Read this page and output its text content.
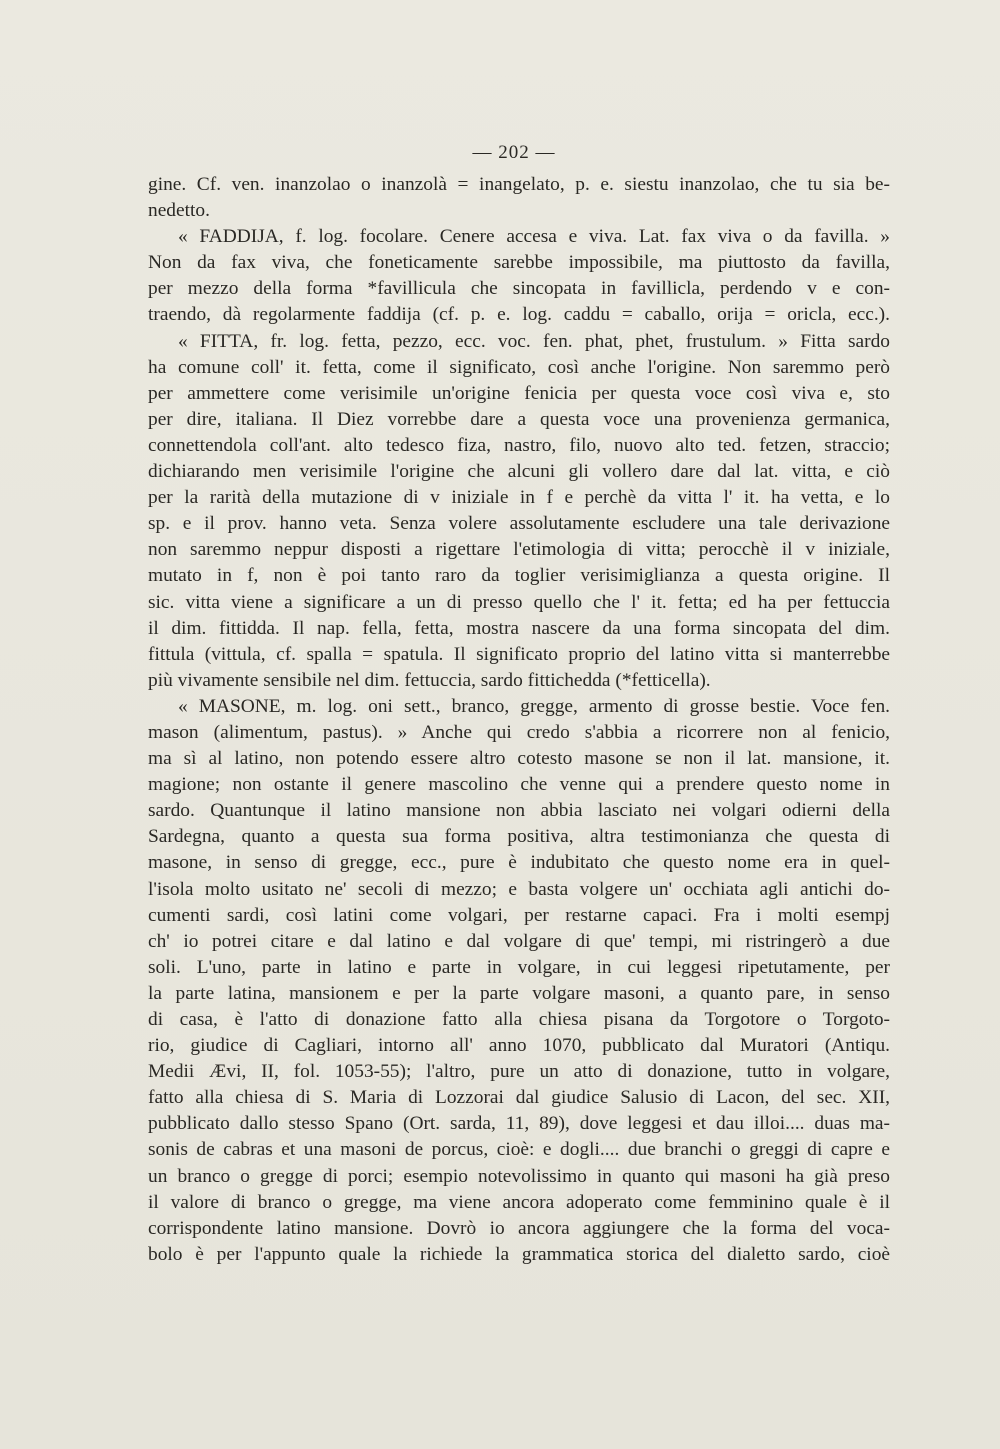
— 202 —
gine. Cf. ven. inanzolao o inanzolà = inangelato, p. e. siestu inanzolao, che tu sia be-
nedetto.
« FADDIJA, f. log. focolare. Cenere accesa e viva. Lat. fax viva o da favilla. »
Non da fax viva, che foneticamente sarebbe impossibile, ma piuttosto da favilla,
per mezzo della forma *favillicula che sincopata in favillicla, perdendo v e con-
traendo, dà regolarmente faddija (cf. p. e. log. caddu = caballo, orija = oricla, ecc.).
« FITTA, fr. log. fetta, pezzo, ecc. voc. fen. phat, phet, frustulum. » Fitta sardo
ha comune coll' it. fetta, come il significato, così anche l'origine. Non saremmo però
per ammettere come verisimile un'origine fenicia per questa voce così viva e, sto
per dire, italiana. Il Diez vorrebbe dare a questa voce una provenienza germanica,
connettendola coll'ant. alto tedesco fiza, nastro, filo, nuovo alto ted. fetzen, straccio;
dichiarando men verisimile l'origine che alcuni gli vollero dare dal lat. vitta, e ciò
per la rarità della mutazione di v iniziale in f e perchè da vitta l' it. ha vetta, e lo
sp. e il prov. hanno veta. Senza volere assolutamente escludere una tale derivazione
non saremmo neppur disposti a rigettare l'etimologia di vitta; perocchè il v iniziale,
mutato in f, non è poi tanto raro da toglier verisimiglianza a questa origine. Il
sic. vitta viene a significare a un di presso quello che l' it. fetta; ed ha per fettuccia
il dim. fittidda. Il nap. fella, fetta, mostra nascere da una forma sincopata del dim.
fittula (vittula, cf. spalla = spatula. Il significato proprio del latino vitta si manterrebbe
più vivamente sensibile nel dim. fettuccia, sardo fittichedda (*fetticella).
« MASONE, m. log. oni sett., branco, gregge, armento di grosse bestie. Voce fen.
mason (alimentum, pastus). » Anche qui credo s'abbia a ricorrere non al fenicio,
ma sì al latino, non potendo essere altro cotesto masone se non il lat. mansione, it.
magione; non ostante il genere mascolino che venne qui a prendere questo nome in
sardo. Quantunque il latino mansione non abbia lasciato nei volgari odierni della
Sardegna, quanto a questa sua forma positiva, altra testimonianza che questa di
masone, in senso di gregge, ecc., pure è indubitato che questo nome era in quel-
l'isola molto usitato ne' secoli di mezzo; e basta volgere un' occhiata agli antichi do-
cumenti sardi, così latini come volgari, per restarne capaci. Fra i molti esempj
ch' io potrei citare e dal latino e dal volgare di que' tempi, mi ristringerò a due
soli. L'uno, parte in latino e parte in volgare, in cui leggesi ripetutamente, per
la parte latina, mansionem e per la parte volgare masoni, a quanto pare, in senso
di casa, è l'atto di donazione fatto alla chiesa pisana da Torgotore o Torgoto-
rio, giudice di Cagliari, intorno all' anno 1070, pubblicato dal Muratori (Antiqu.
Medii Ævi, II, fol. 1053-55); l'altro, pure un atto di donazione, tutto in volgare,
fatto alla chiesa di S. Maria di Lozzorai dal giudice Salusio di Lacon, del sec. XII,
pubblicato dallo stesso Spano (Ort. sarda, 11, 89), dove leggesi et dau illoi.... duas ma-
sonis de cabras et una masoni de porcus, cioè: e dogli.... due branchi o greggi di capre e
un branco o gregge di porci; esempio notevolissimo in quanto qui masoni ha già preso
il valore di branco o gregge, ma viene ancora adoperato come femminino quale è il
corrispondente latino mansione. Dovrò io ancora aggiungere che la forma del voca-
bolo è per l'appunto quale la richiede la grammatica storica del dialetto sardo, cioè
